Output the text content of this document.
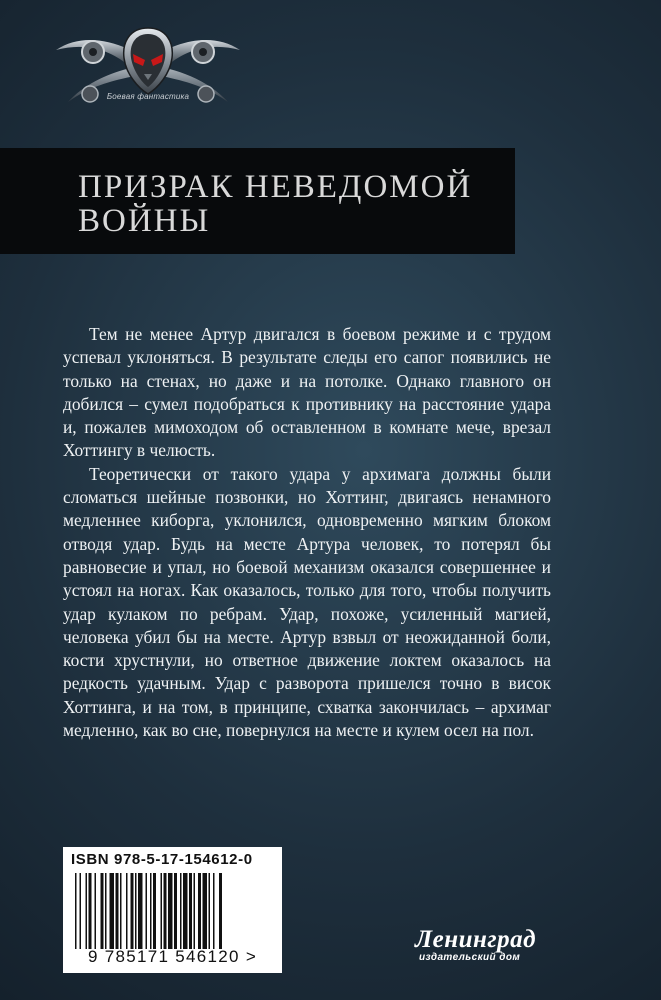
Боевая фантастика
ПРИЗРАК НЕВЕДОМОЙ
ВОЙНЫ

Тем не менее Артур двигался в боевом режиме и с трудом успевал уклоняться. В результате следы его сапог появились не только на стенах, но даже и на потолке. Однако главного он добился – сумел подобраться к противнику на расстояние удара и, пожалев мимоходом об оставленном в комнате мече, врезал Хоттингу в челюсть.

Теоретически от такого удара у архимага должны были сломаться шейные позвонки, но Хоттинг, двигаясь ненамного медленнее киборга, уклонился, одновременно мягким блоком отводя удар. Будь на месте Артура человек, то потерял бы равновесие и упал, но боевой механизм оказался совершеннее и устоял на ногах. Как оказалось, только для того, чтобы получить удар кулаком по ребрам. Удар, похоже, усиленный магией, человека убил бы на месте. Артур взвыл от неожиданной боли, кости хрустнули, но ответное движение локтем оказалось на редкость удачным. Удар с разворота пришелся точно в висок Хоттинга, и на том, в принципе, схватка закончилась – архимаг медленно, как во сне, повернулся на месте и кулем осел на пол.

ISBN 978-5-17-154612-0
9 785171 546120 >
Ленинград
издательский дом
